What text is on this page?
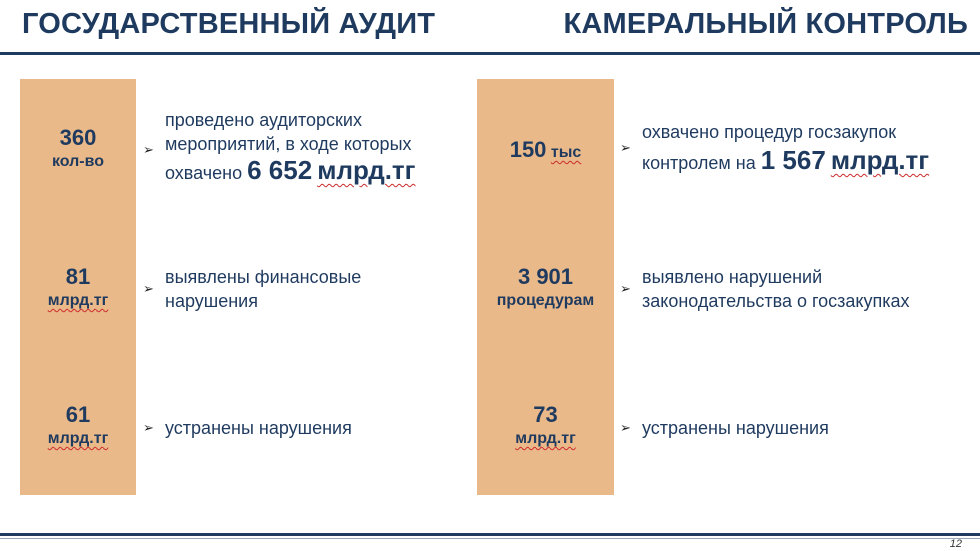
ГОСУДАРСТВЕННЫЙ АУДИТ	КАМЕРАЛЬНЫЙ КОНТРОЛЬ
360
кол-во
81
млрд.тг
61
млрд.тг
➢
проведено аудиторских
мероприятий, в ходе которых
охвачено 6 652 млрд.тг
➢
выявлены финансовые
нарушения
➢ устранены нарушения
150 тыс
3 901
процедурам
73
млрд.тг
➢
охвачено процедур госзакупок
контролем на 1 567 млрд.тг
➢
выявлено нарушений
законодательства о госзакупках
➢ устранены нарушения
12
